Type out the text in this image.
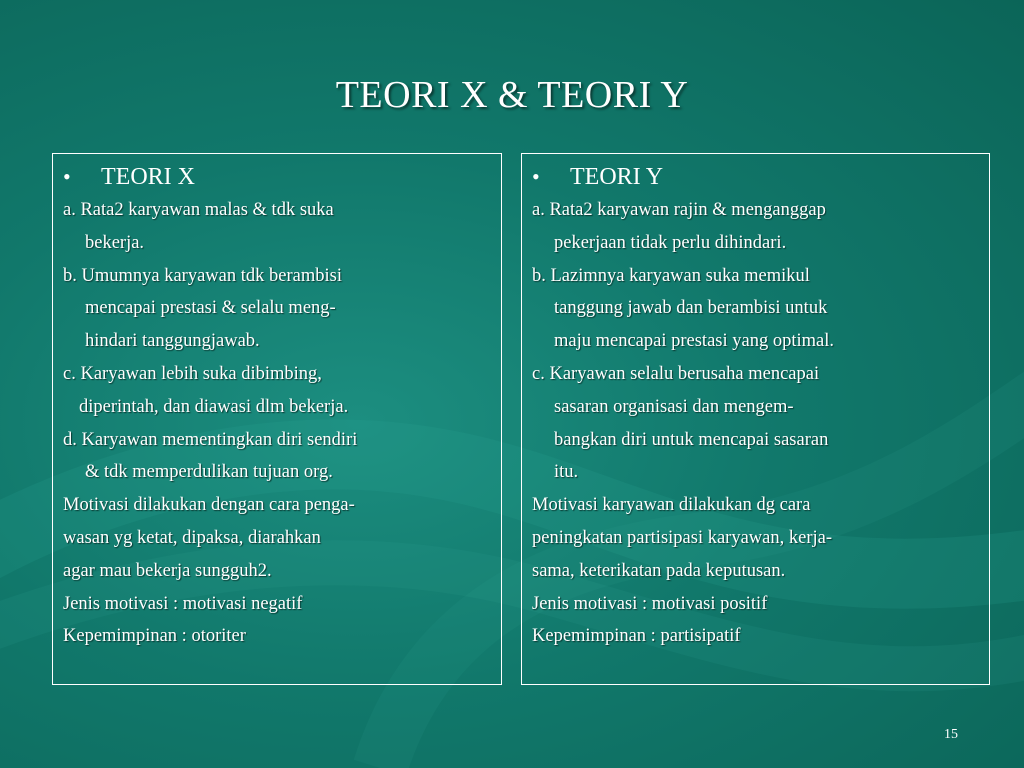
TEORI X & TEORI Y
•	TEORI X
a. Rata2 karyawan malas & tdk suka
bekerja.
b. Umumnya karyawan tdk berambisi
mencapai prestasi & selalu meng-
hindari tanggungjawab.
c. Karyawan lebih suka dibimbing,
diperintah, dan diawasi dlm bekerja.
d. Karyawan mementingkan diri sendiri
& tdk memperdulikan tujuan org.
Motivasi dilakukan dengan cara penga-
wasan yg ketat, dipaksa, diarahkan
agar mau bekerja sungguh2.
Jenis motivasi : motivasi negatif
Kepemimpinan : otoriter
•	TEORI Y
a. Rata2 karyawan rajin & menganggap
pekerjaan tidak perlu dihindari.
b. Lazimnya karyawan suka memikul
tanggung jawab dan berambisi untuk
maju mencapai prestasi yang optimal.
c. Karyawan selalu berusaha mencapai
sasaran organisasi dan mengem-
bangkan diri untuk mencapai sasaran
itu.
Motivasi karyawan dilakukan dg cara
peningkatan partisipasi karyawan, kerja-
sama, keterikatan pada keputusan.
Jenis motivasi : motivasi positif
Kepemimpinan : partisipatif
15
